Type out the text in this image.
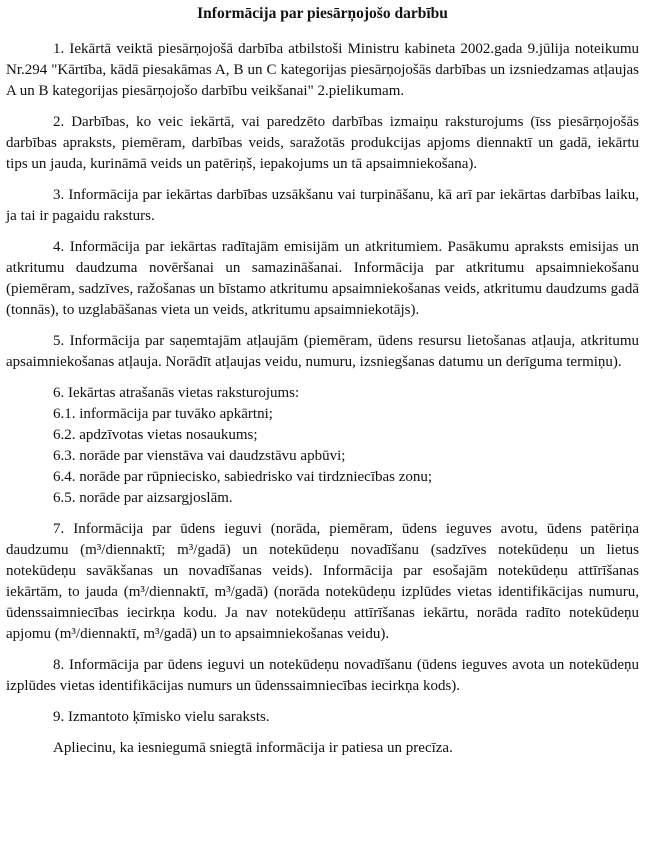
Informācija par piesārņojošo darbību

1. Iekārtā veiktā piesārņojošā darbība atbilstoši Ministru kabineta 2002.gada 9.jūlija noteikumu Nr.294 "Kārtība, kādā piesakāmas A, B un C kategorijas piesārņojošās darbības un izsniedzamas atļaujas A un B kategorijas piesārņojošo darbību veikšanai" 2.pielikumam.

2. Darbības, ko veic iekārtā, vai paredzēto darbības izmaiņu raksturojums (īss piesārņojošās darbības apraksts, piemēram, darbības veids, saražotās produkcijas apjoms diennaktī un gadā, iekārtu tips un jauda, kurināmā veids un patēriņš, iepakojums un tā apsaimniekošana).

3. Informācija par iekārtas darbības uzsākšanu vai turpināšanu, kā arī par iekārtas darbības laiku, ja tai ir pagaidu raksturs.

4. Informācija par iekārtas radītajām emisijām un atkritumiem. Pasākumu apraksts emisijas un atkritumu daudzuma novēršanai un samazināšanai. Informācija par atkritumu apsaimniekošanu (piemēram, sadzīves, ražošanas un bīstamo atkritumu apsaimniekošanas veids, atkritumu daudzums gadā (tonnās), to uzglabāšanas vieta un veids, atkritumu apsaimniekotājs).

5. Informācija par saņemtajām atļaujām (piemēram, ūdens resursu lietošanas atļauja, atkritumu apsaimniekošanas atļauja. Norādīt atļaujas veidu, numuru, izsniegšanas datumu un derīguma termiņu).

6. Iekārtas atrašanās vietas raksturojums:
6.1. informācija par tuvāko apkārtni;
6.2. apdzīvotas vietas nosaukums;
6.3. norāde par vienstāva vai daudzstāvu apbūvi;
6.4. norāde par rūpniecisko, sabiedrisko vai tirdzniecības zonu;
6.5. norāde par aizsargjoslām.

7. Informācija par ūdens ieguvi (norāda, piemēram, ūdens ieguves avotu, ūdens patēriņa daudzumu (m³/diennaktī; m³/gadā) un notekūdeņu novadīšanu (sadzīves notekūdeņu un lietus notekūdeņu savākšanas un novadīšanas veids). Informācija par esošajām notekūdeņu attīrīšanas iekārtām, to jauda (m³/diennaktī, m³/gadā) (norāda notekūdeņu izplūdes vietas identifikācijas numuru, ūdenssaimniecības iecirkņa kodu. Ja nav notekūdeņu attīrīšanas iekārtu, norāda radīto notekūdeņu apjomu (m³/diennaktī, m³/gadā) un to apsaimniekošanas veidu).

8. Informācija par ūdens ieguvi un notekūdeņu novadīšanu (ūdens ieguves avota un notekūdeņu izplūdes vietas identifikācijas numurs un ūdenssaimniecības iecirkņa kods).

9. Izmantoto ķīmisko vielu saraksts.

Apliecinu, ka iesniegumā sniegtā informācija ir patiesa un precīza.
